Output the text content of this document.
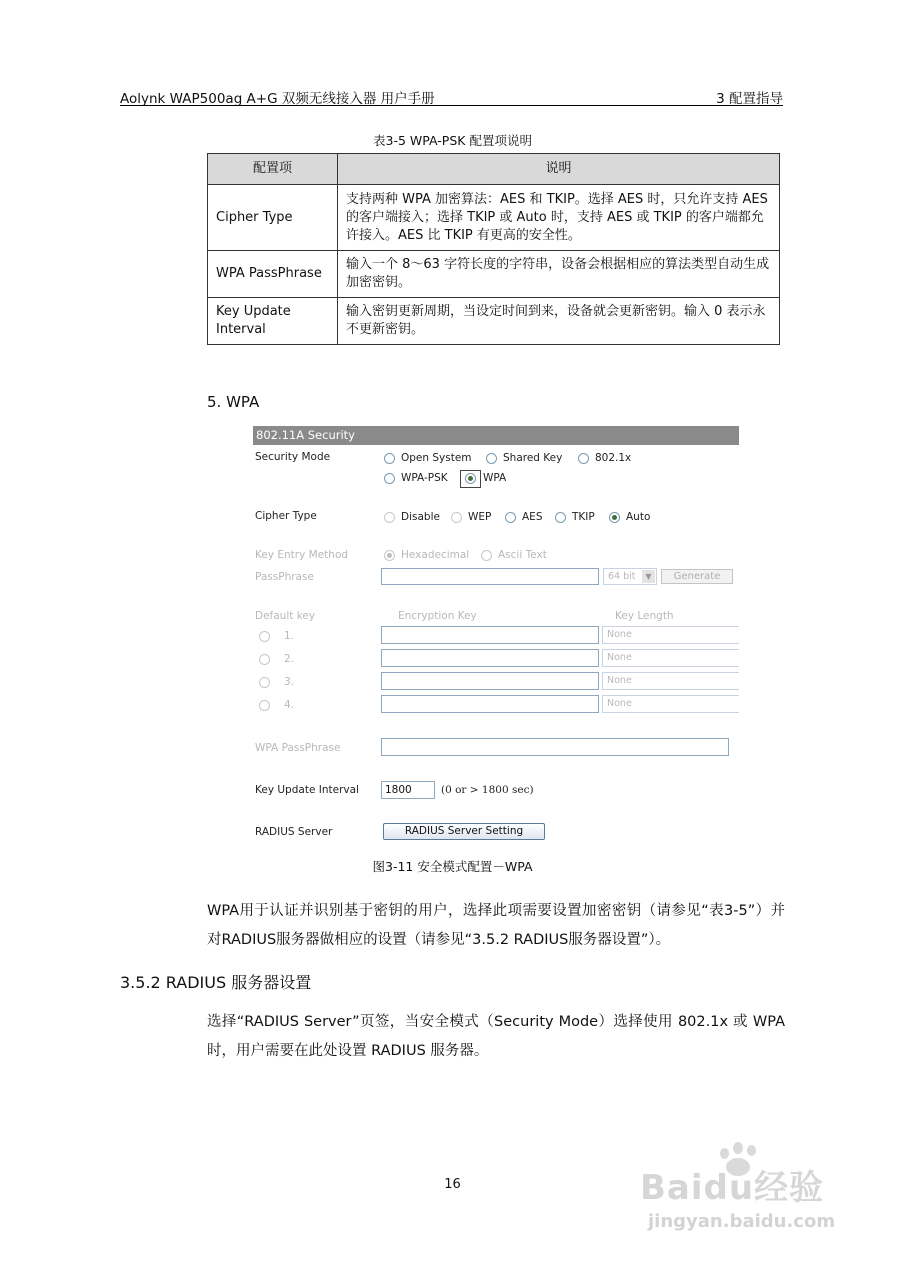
Aolynk WAP500ag A+G 双频无线接入器 用户手册	3 配置指导
表3-5 WPA-PSK 配置项说明
配置项	说明
Cipher Type	支持两种 WPA 加密算法：AES 和 TKIP。选择 AES 时，只允许支持 AES 的客户端接入；选择 TKIP 或 Auto 时，支持 AES 或 TKIP 的客户端都允许接入。AES 比 TKIP 有更高的安全性。
WPA PassPhrase	输入一个 8～63 字符长度的字符串，设备会根据相应的算法类型自动生成加密密钥。
Key Update Interval	输入密钥更新周期，当设定时间到来，设备就会更新密钥。输入 0 表示永不更新密钥。
5. WPA
802.11A Security
Security Mode	Open System	Shared Key	802.1x
WPA-PSK	WPA
Cipher Type	Disable	WEP	AES	TKIP	Auto
Key Entry Method	Hexadecimal	Ascii Text
PassPhrase	64 bit	▼	Generate
Default key	Encryption Key	Key Length
1.	None
2.	None
3.	None
4.	None
WPA PassPhrase
Key Update Interval	1800	(0 or > 1800 sec)
RADIUS Server	RADIUS Server Setting
图3-11 安全模式配置－WPA
WPA用于认证并识别基于密钥的用户，选择此项需要设置加密密钥（请参见“表3-5”）并对RADIUS服务器做相应的设置（请参见“3.5.2 RADIUS服务器设置”）。
3.5.2 RADIUS 服务器设置
选择“RADIUS Server”页签，当安全模式（Security Mode）选择使用 802.1x 或 WPA 时，用户需要在此处设置 RADIUS 服务器。
16	Baidu经验
jingyan.baidu.com
